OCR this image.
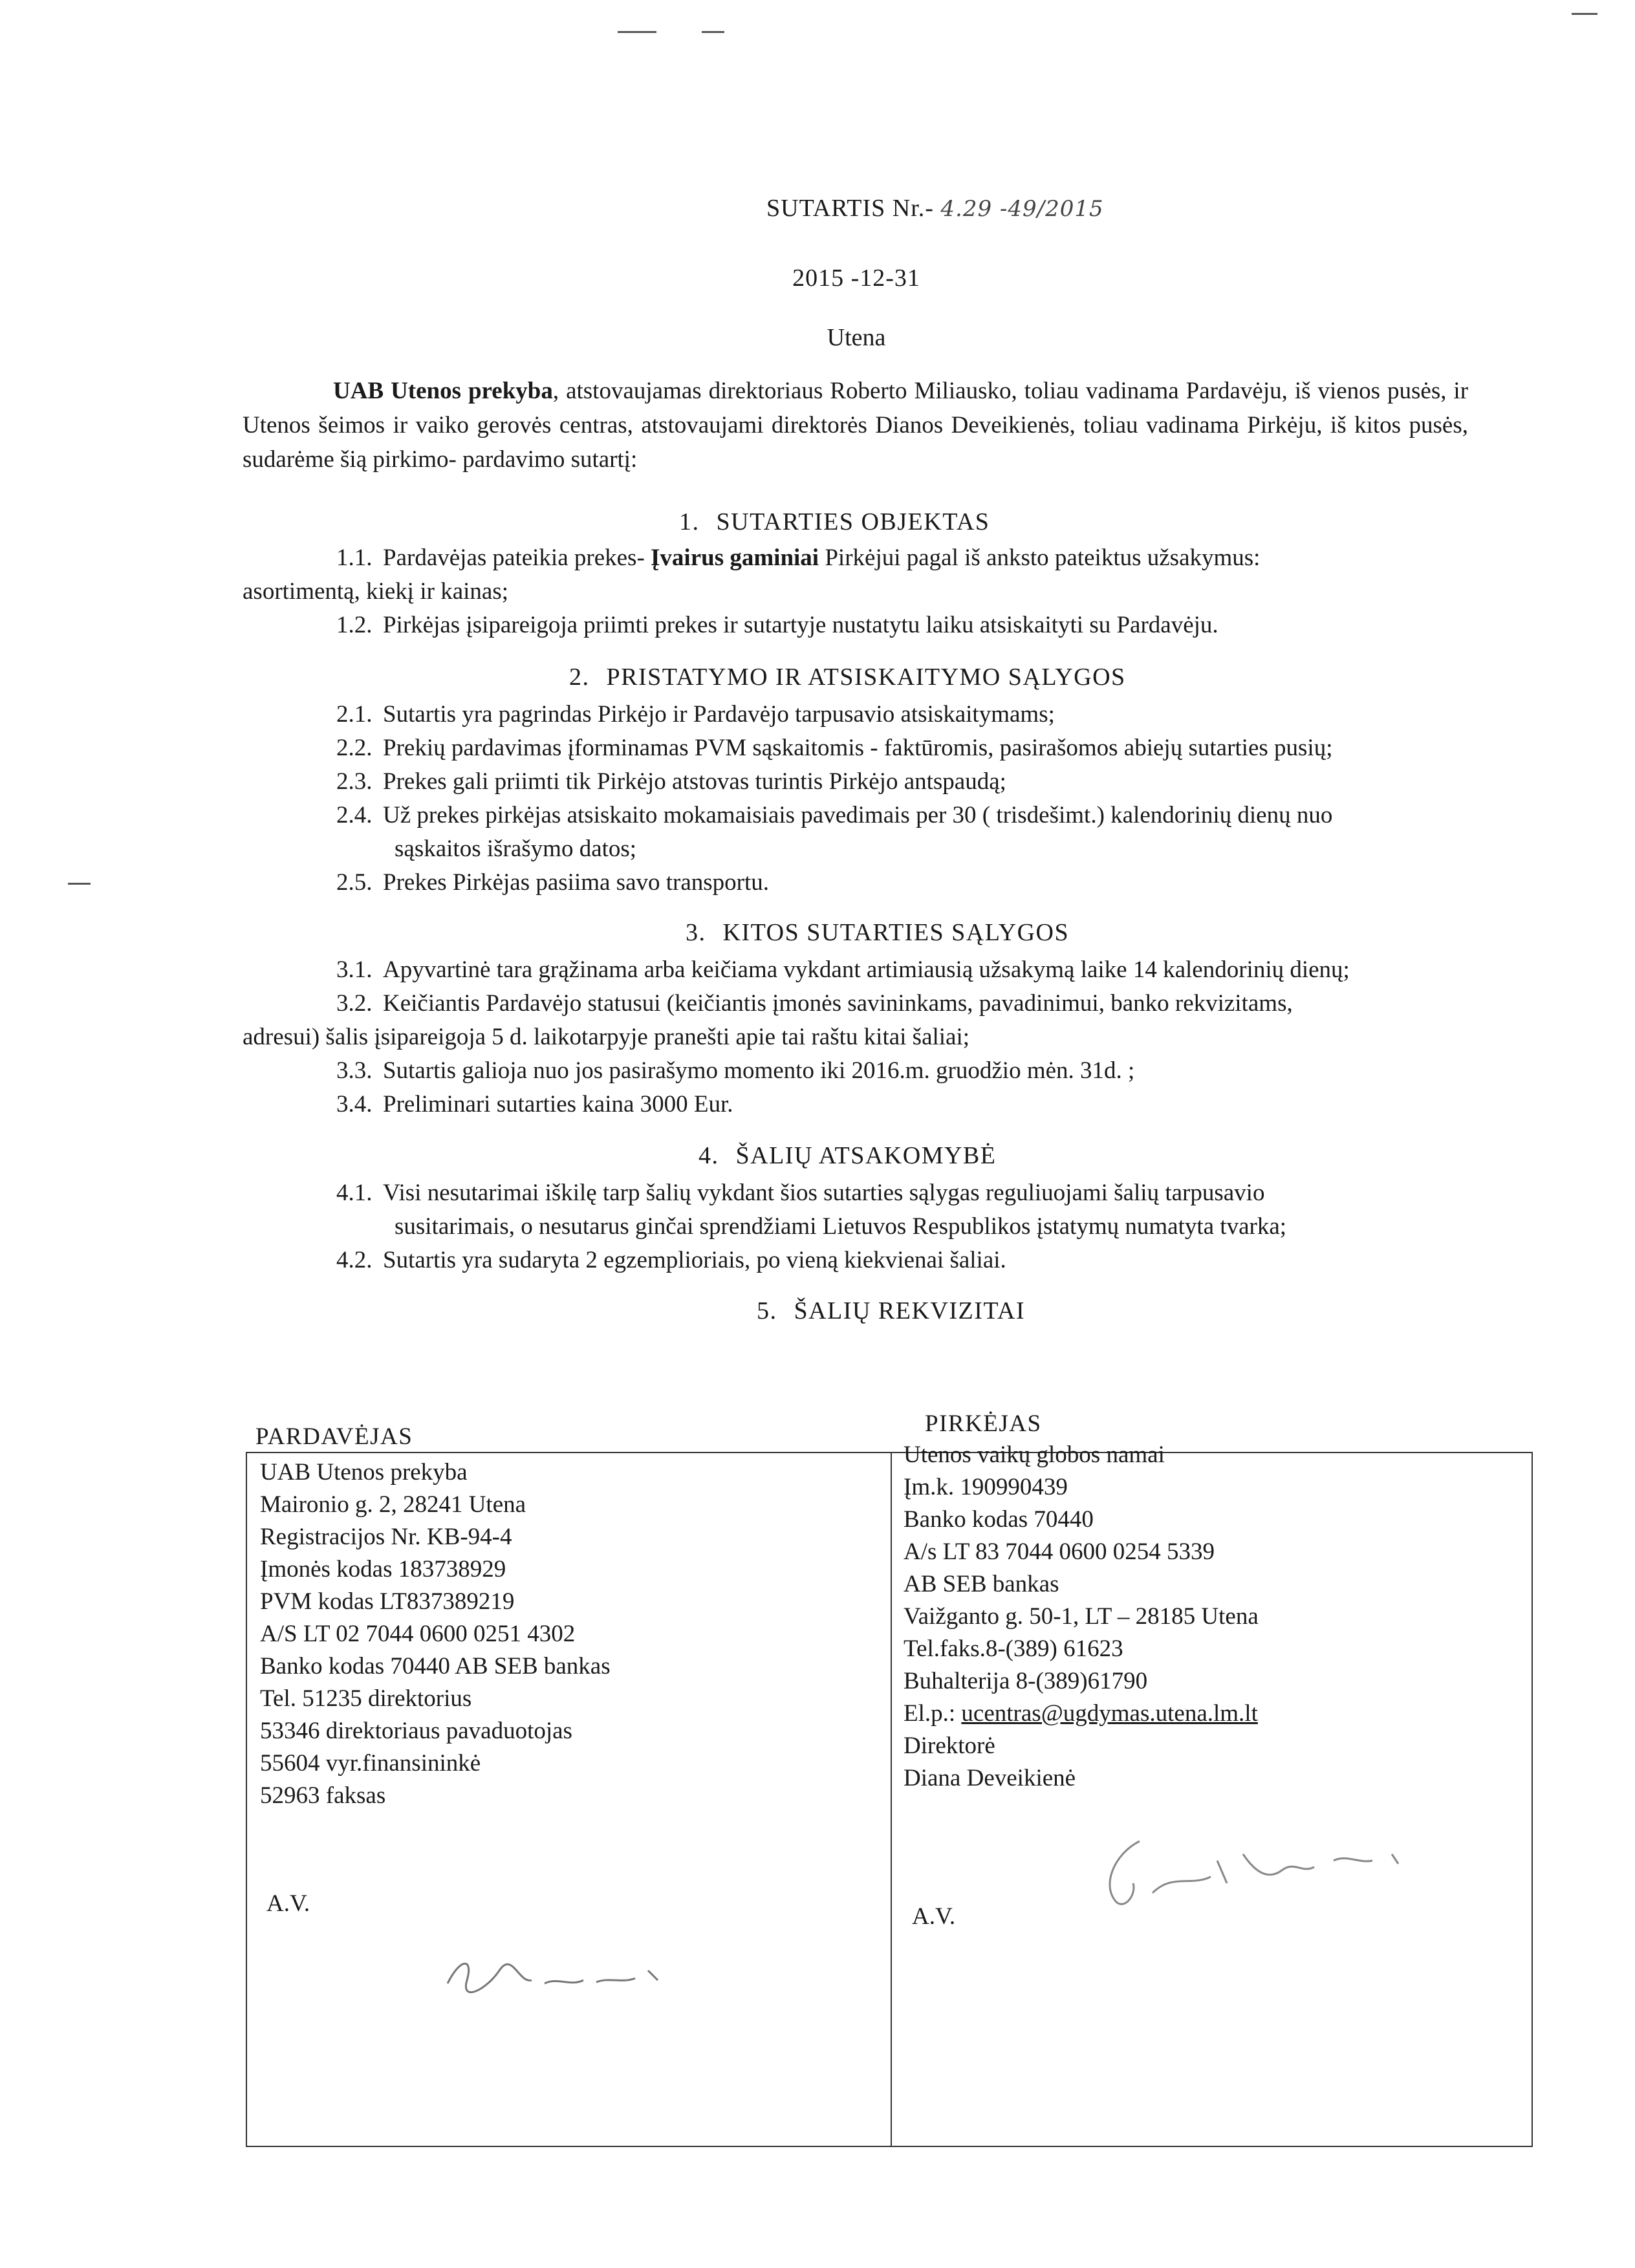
SUTARTIS Nr.- 4.29 -49/2015
2015 -12-31
Utena
UAB Utenos prekyba, atstovaujamas direktoriaus Roberto Miliausko, toliau vadinama Pardavėju, iš vienos pusės, ir Utenos šeimos ir vaiko gerovės centras, atstovaujami direktorės Dianos Deveikienės, toliau vadinama Pirkėju, iš kitos pusės, sudarėme šią pirkimo- pardavimo sutartį:
1. SUTARTIES OBJEKTAS
1.1. Pardavėjas pateikia prekes- Įvairus gaminiai Pirkėjui pagal iš anksto pateiktus užsakymus:
asortimentą, kiekį ir kainas;
1.2. Pirkėjas įsipareigoja priimti prekes ir sutartyje nustatytu laiku atsiskaityti su Pardavėju.
2. PRISTATYMO IR ATSISKAITYMO SĄLYGOS
2.1. Sutartis yra pagrindas Pirkėjo ir Pardavėjo tarpusavio atsiskaitymams;
2.2. Prekių pardavimas įforminamas PVM sąskaitomis - faktūromis, pasirašomos abiejų sutarties pusių;
2.3. Prekes gali priimti tik Pirkėjo atstovas turintis Pirkėjo antspaudą;
2.4. Už prekes pirkėjas atsiskaito mokamaisiais pavedimais per 30 ( trisdešimt.) kalendorinių dienų nuo
sąskaitos išrašymo datos;
2.5. Prekes Pirkėjas pasiima savo transportu.
3. KITOS SUTARTIES SĄLYGOS
3.1. Apyvartinė tara grąžinama arba keičiama vykdant artimiausią užsakymą laike 14 kalendorinių dienų;
3.2. Keičiantis Pardavėjo statusui (keičiantis įmonės savininkams, pavadinimui, banko rekvizitams,
adresui) šalis įsipareigoja 5 d. laikotarpyje pranešti apie tai raštu kitai šaliai;
3.3. Sutartis galioja nuo jos pasirašymo momento iki 2016.m. gruodžio mėn. 31d. ;
3.4. Preliminari sutarties kaina 3000 Eur.
4. ŠALIŲ ATSAKOMYBĖ
4.1. Visi nesutarimai iškilę tarp šalių vykdant šios sutarties sąlygas reguliuojami šalių tarpusavio
susitarimais, o nesutarus ginčai sprendžiami Lietuvos Respublikos įstatymų numatyta tvarka;
4.2. Sutartis yra sudaryta 2 egzemplioriais, po vieną kiekvienai šaliai.
5. ŠALIŲ REKVIZITAI
PARDAVĖJAS	PIRKĖJAS
UAB Utenos prekyba
Maironio g. 2, 28241 Utena
Registracijos Nr. KB-94-4
Įmonės kodas 183738929
PVM kodas LT837389219
A/S LT 02 7044 0600 0251 4302
Banko kodas 70440 AB SEB bankas
Tel. 51235 direktorius
53346 direktoriaus pavaduotojas
55604 vyr.finansininkė
52963 faksas
A.V.
Utenos vaikų globos namai
Įm.k. 190990439
Banko kodas 70440
A/s LT 83 7044 0600 0254 5339
AB SEB bankas
Vaižganto g. 50-1, LT – 28185 Utena
Tel.faks.8-(389) 61623
Buhalterija 8-(389)61790
El.p.: ucentras@ugdymas.utena.lm.lt
Direktorė
Diana Deveikienė
A.V.
